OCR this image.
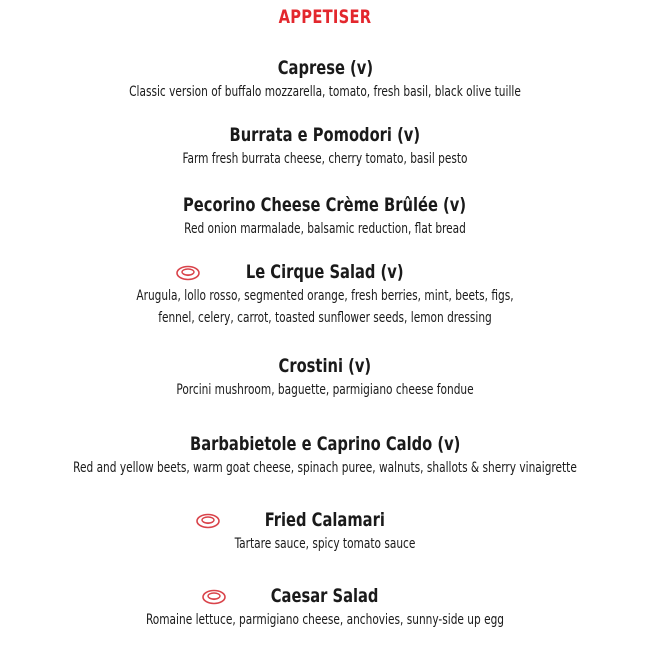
APPETISER
Caprese (v)
Classic version of buffalo mozzarella, tomato, fresh basil, black olive tuille
Burrata e Pomodori (v)
Farm fresh burrata cheese, cherry tomato, basil pesto
Pecorino Cheese Crème Brûlée (v)
Red onion marmalade, balsamic reduction, flat bread
Le Cirque Salad (v)
Arugula, lollo rosso, segmented orange, fresh berries, mint, beets, figs,
fennel, celery, carrot, toasted sunflower seeds, lemon dressing
Crostini (v)
Porcini mushroom, baguette, parmigiano cheese fondue
Barbabietole e Caprino Caldo (v)
Red and yellow beets, warm goat cheese, spinach puree, walnuts, shallots & sherry vinaigrette
Fried Calamari
Tartare sauce, spicy tomato sauce
Caesar Salad
Romaine lettuce, parmigiano cheese, anchovies, sunny-side up egg
